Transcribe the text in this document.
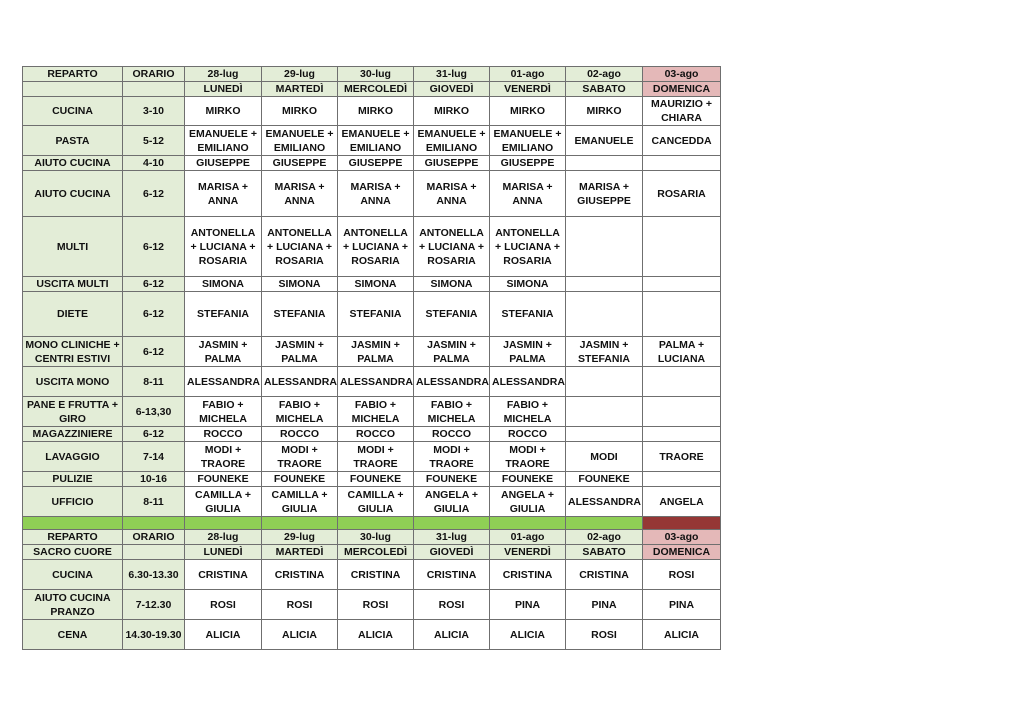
REPARTO	ORARIO	28-lug	29-lug	30-lug	31-lug	01-ago	02-ago	03-ago
		LUNEDÌ	MARTEDÌ	MERCOLEDÌ	GIOVEDÌ	VENERDÌ	SABATO	DOMENICA
CUCINA	3-10	MIRKO	MIRKO	MIRKO	MIRKO	MIRKO	MIRKO	MAURIZIO + CHIARA
PASTA	5-12	EMANUELE + EMILIANO	EMANUELE + EMILIANO	EMANUELE + EMILIANO	EMANUELE + EMILIANO	EMANUELE + EMILIANO	EMANUELE	CANCEDDA
AIUTO CUCINA	4-10	GIUSEPPE	GIUSEPPE	GIUSEPPE	GIUSEPPE	GIUSEPPE		
AIUTO CUCINA	6-12	MARISA + ANNA	MARISA + ANNA	MARISA + ANNA	MARISA + ANNA	MARISA + ANNA	MARISA + GIUSEPPE	ROSARIA
MULTI	6-12	ANTONELLA + LUCIANA + ROSARIA	ANTONELLA + LUCIANA + ROSARIA	ANTONELLA + LUCIANA + ROSARIA	ANTONELLA + LUCIANA + ROSARIA	ANTONELLA + LUCIANA + ROSARIA		
USCITA MULTI	6-12	SIMONA	SIMONA	SIMONA	SIMONA	SIMONA		
DIETE	6-12	STEFANIA	STEFANIA	STEFANIA	STEFANIA	STEFANIA		
MONO CLINICHE + CENTRI ESTIVI	6-12	JASMIN + PALMA	JASMIN + PALMA	JASMIN + PALMA	JASMIN + PALMA	JASMIN + PALMA	JASMIN + STEFANIA	PALMA + LUCIANA
USCITA MONO	8-11	ALESSANDRA	ALESSANDRA	ALESSANDRA	ALESSANDRA	ALESSANDRA		
PANE E FRUTTA + GIRO	6-13,30	FABIO + MICHELA	FABIO + MICHELA	FABIO + MICHELA	FABIO + MICHELA	FABIO + MICHELA		
MAGAZZINIERE	6-12	ROCCO	ROCCO	ROCCO	ROCCO	ROCCO		
LAVAGGIO	7-14	MODI + TRAORE	MODI + TRAORE	MODI + TRAORE	MODI + TRAORE	MODI + TRAORE	MODI	TRAORE
PULIZIE	10-16	FOUNEKE	FOUNEKE	FOUNEKE	FOUNEKE	FOUNEKE	FOUNEKE	
UFFICIO	8-11	CAMILLA + GIULIA	CAMILLA + GIULIA	CAMILLA + GIULIA	ANGELA + GIULIA	ANGELA + GIULIA	ALESSANDRA	ANGELA

REPARTO	ORARIO	28-lug	29-lug	30-lug	31-lug	01-ago	02-ago	03-ago
SACRO CUORE		LUNEDÌ	MARTEDÌ	MERCOLEDÌ	GIOVEDÌ	VENERDÌ	SABATO	DOMENICA
CUCINA	6.30-13.30	CRISTINA	CRISTINA	CRISTINA	CRISTINA	CRISTINA	CRISTINA	ROSI
AIUTO CUCINA PRANZO	7-12.30	ROSI	ROSI	ROSI	ROSI	PINA	PINA	PINA
CENA	14.30-19.30	ALICIA	ALICIA	ALICIA	ALICIA	ALICIA	ROSI	ALICIA
